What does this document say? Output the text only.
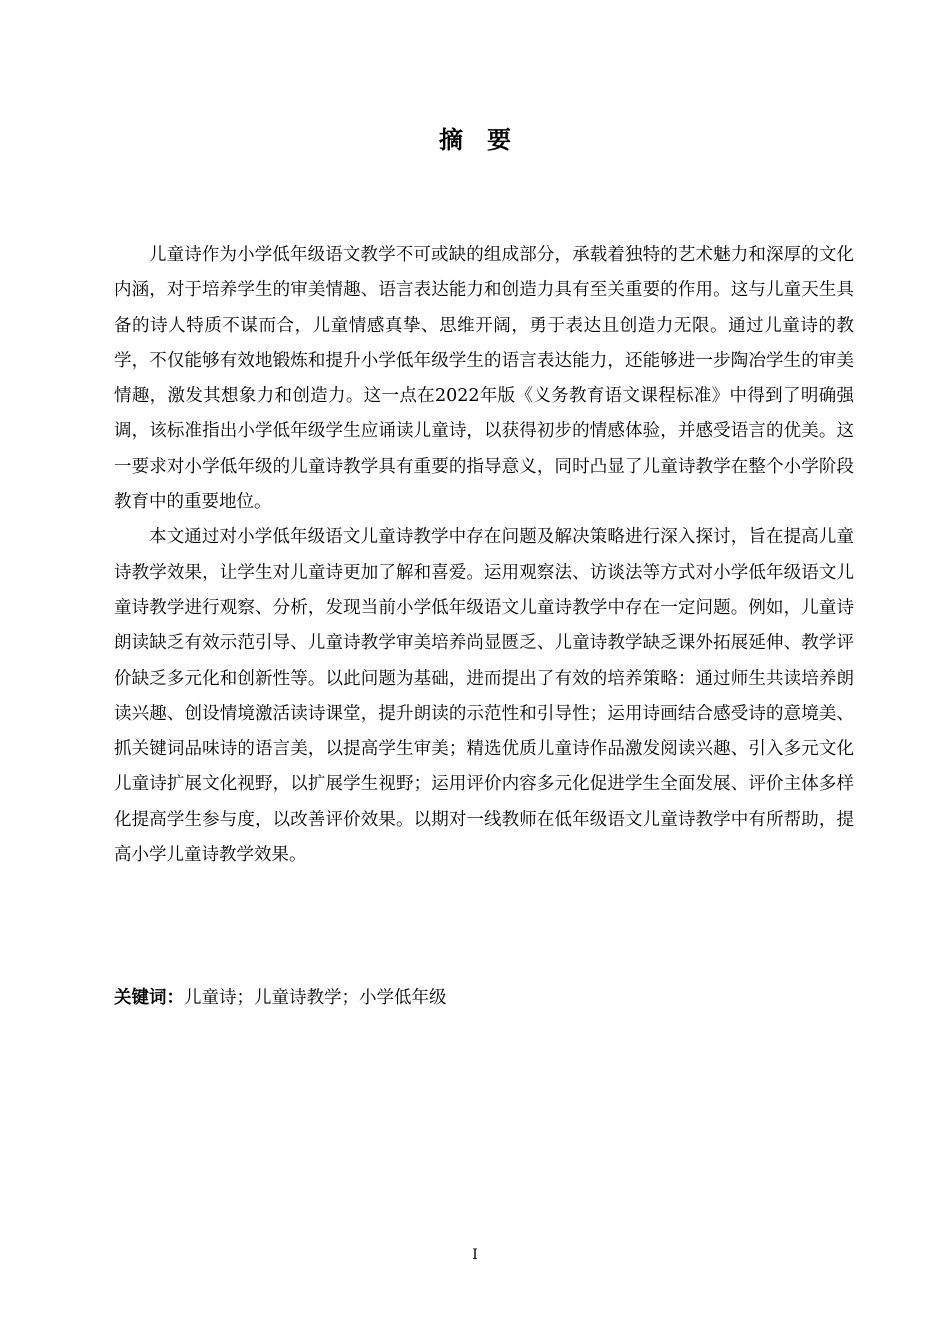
摘要

儿童诗作为小学低年级语文教学不可或缺的组成部分，承载着独特的艺术魅力和深厚的文化内涵，对于培养学生的审美情趣、语言表达能力和创造力具有至关重要的作用。这与儿童天生具备的诗人特质不谋而合，儿童情感真挚、思维开阔，勇于表达且创造力无限。通过儿童诗的教学，不仅能够有效地锻炼和提升小学低年级学生的语言表达能力，还能够进一步陶冶学生的审美情趣，激发其想象力和创造力。这一点在2022年版《义务教育语文课程标准》中得到了明确强调，该标准指出小学低年级学生应诵读儿童诗，以获得初步的情感体验，并感受语言的优美。这一要求对小学低年级的儿童诗教学具有重要的指导意义，同时凸显了儿童诗教学在整个小学阶段教育中的重要地位。

本文通过对小学低年级语文儿童诗教学中存在问题及解决策略进行深入探讨，旨在提高儿童诗教学效果，让学生对儿童诗更加了解和喜爱。运用观察法、访谈法等方式对小学低年级语文儿童诗教学进行观察、分析，发现当前小学低年级语文儿童诗教学中存在一定问题。例如，儿童诗朗读缺乏有效示范引导、儿童诗教学审美培养尚显匮乏、儿童诗教学缺乏课外拓展延伸、教学评价缺乏多元化和创新性等。以此问题为基础，进而提出了有效的培养策略：通过师生共读培养朗读兴趣、创设情境激活读诗课堂，提升朗读的示范性和引导性；运用诗画结合感受诗的意境美、抓关键词品味诗的语言美，以提高学生审美；精选优质儿童诗作品激发阅读兴趣、引入多元文化儿童诗扩展文化视野，以扩展学生视野；运用评价内容多元化促进学生全面发展、评价主体多样化提高学生参与度，以改善评价效果。以期对一线教师在低年级语文儿童诗教学中有所帮助，提高小学儿童诗教学效果。

关键词：儿童诗；儿童诗教学；小学低年级
I
